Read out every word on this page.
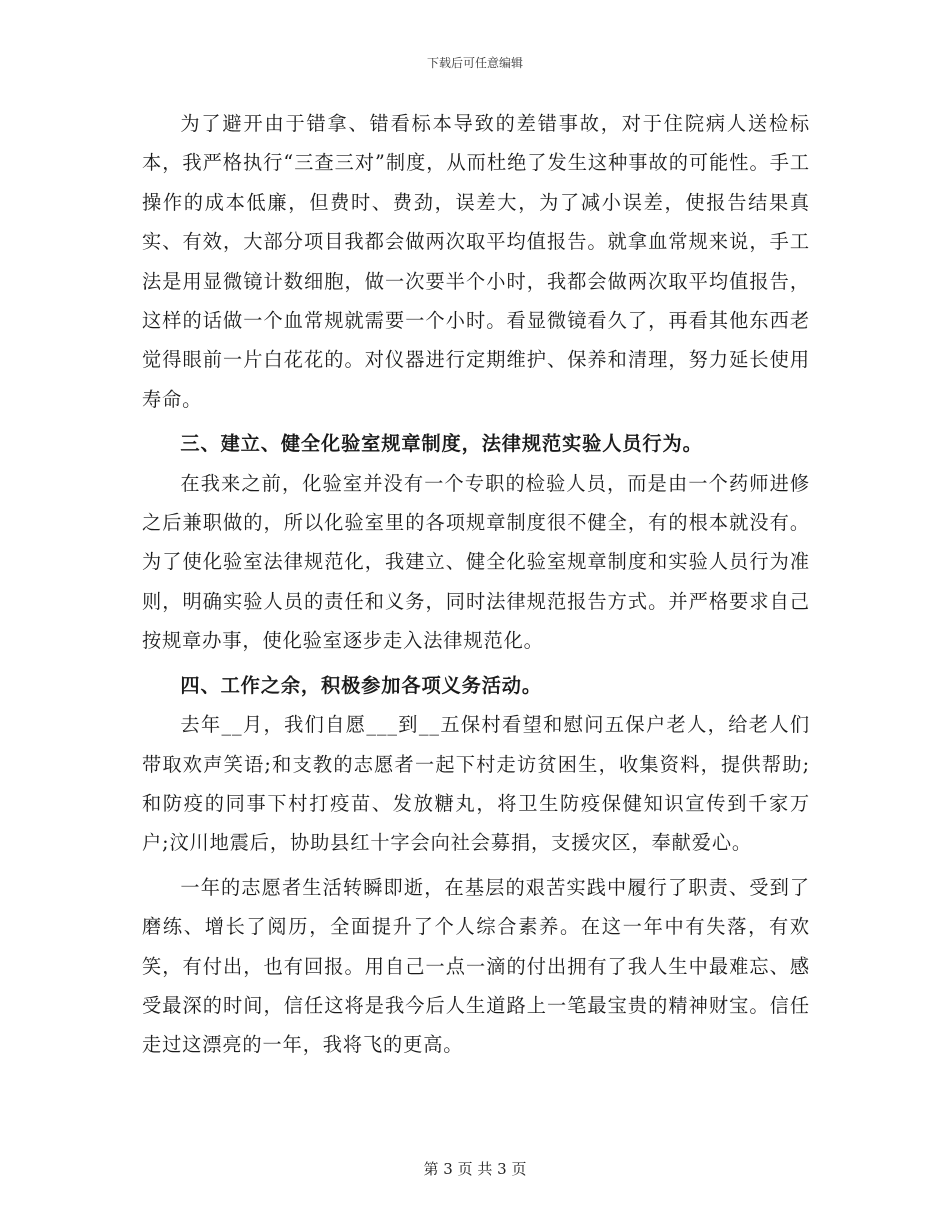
下载后可任意编辑

为了避开由于错拿、错看标本导致的差错事故，对于住院病人送检标本，我严格执行“三查三对”制度，从而杜绝了发生这种事故的可能性。手工操作的成本低廉，但费时、费劲，误差大，为了减小误差，使报告结果真实、有效，大部分项目我都会做两次取平均值报告。就拿血常规来说，手工法是用显微镜计数细胞，做一次要半个小时，我都会做两次取平均值报告，这样的话做一个血常规就需要一个小时。看显微镜看久了，再看其他东西老觉得眼前一片白花花的。对仪器进行定期维护、保养和清理，努力延长使用寿命。

三、建立、健全化验室规章制度，法律规范实验人员行为。

在我来之前，化验室并没有一个专职的检验人员，而是由一个药师进修之后兼职做的，所以化验室里的各项规章制度很不健全，有的根本就没有。为了使化验室法律规范化，我建立、健全化验室规章制度和实验人员行为准则，明确实验人员的责任和义务，同时法律规范报告方式。并严格要求自己按规章办事，使化验室逐步走入法律规范化。

四、工作之余，积极参加各项义务活动。

去年__月，我们自愿___到__五保村看望和慰问五保户老人，给老人们带取欢声笑语;和支教的志愿者一起下村走访贫困生，收集资料，提供帮助;和防疫的同事下村打疫苗、发放糖丸，将卫生防疫保健知识宣传到千家万户;汶川地震后，协助县红十字会向社会募捐，支援灾区，奉献爱心。

一年的志愿者生活转瞬即逝，在基层的艰苦实践中履行了职责、受到了磨练、增长了阅历，全面提升了个人综合素养。在这一年中有失落，有欢笑，有付出，也有回报。用自己一点一滴的付出拥有了我人生中最难忘、感受最深的时间，信任这将是我今后人生道路上一笔最宝贵的精神财宝。信任走过这漂亮的一年，我将飞的更高。

第 3 页 共 3 页
